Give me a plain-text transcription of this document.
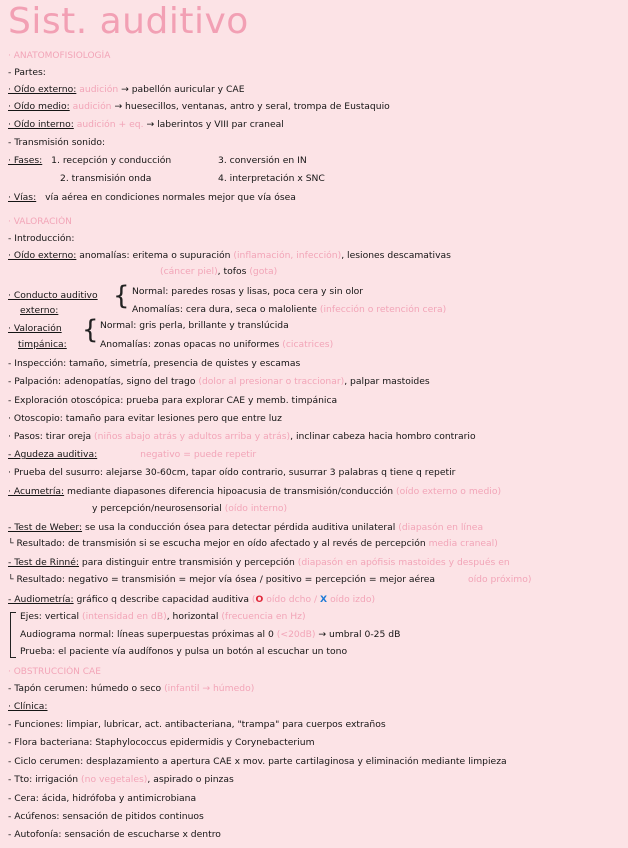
Sist. auditivo
· ANATOMOFISIOLOGÍA
- Partes:
· Oído externo: audición → pabellón auricular y CAE
· Oído medio: audición → huesecillos, ventanas, antro y seral, trompa de Eustaquio
· Oído interno: audición + eq. → laberintos y VIII par craneal
- Transmisión sonido:
· Fases: 1. recepción y conducción	3. conversión en IN
2. transmisión onda	4. interpretación x SNC
· Vías: vía aérea en condiciones normales mejor que vía ósea
· VALORACIÓN
- Introducción:
· Oído externo: anomalías: eritema o supuración (inflamación, infección), lesiones descamativas
(cáncer piel), tofos (gota)
· Conducto auditivo
externo:	{ Normal: paredes rosas y lisas, poca cera y sin olor
Anomalías: cera dura, seca o maloliente (infección o retención cera)
· Valoración
timpánica: { Normal: gris perla, brillante y translúcida
Anomalías: zonas opacas no uniformes (cicatrices)
- Inspección: tamaño, simetría, presencia de quistes y escamas
- Palpación: adenopatías, signo del trago (dolor al presionar o traccionar), palpar mastoides
- Exploración otoscópica: prueba para explorar CAE y memb. timpánica
· Otoscopio: tamaño para evitar lesiones pero que entre luz
· Pasos: tirar oreja (niños abajo atrás y adultos arriba y atrás), inclinar cabeza hacia hombro contrario
- Agudeza auditiva:	negativo = puede repetir
· Prueba del susurro: alejarse 30-60cm, tapar oído contrario, susurrar 3 palabras q tiene q repetir
· Acumetría: mediante diapasones diferencia hipoacusia de transmisión/conducción (oído externo o medio)
y percepción/neurosensorial (oído interno)
- Test de Weber: se usa la conducción ósea para detectar pérdida auditiva unilateral (diapasón en línea
└ Resultado: de transmisión si se escucha mejor en oído afectado y al revés de percepción media craneal)
- Test de Rinné: para distinguir entre transmisión y percepción (diapasón en apófisis mastoides y después en
└ Resultado: negativo = transmisión = mejor vía ósea / positivo = percepción = mejor aérea	oído próximo)
- Audiometría: gráfico q describe capacidad auditiva (O oído dcho / X oído izdo)
Ejes: vertical (intensidad en dB), horizontal (frecuencia en Hz)
Audiograma normal: líneas superpuestas próximas al 0 (<20dB) → umbral 0-25 dB
Prueba: el paciente vía audífonos y pulsa un botón al escuchar un tono
· OBSTRUCCIÓN CAE
- Tapón cerumen: húmedo o seco (infantil → húmedo)
· Clínica:
- Funciones: limpiar, lubricar, act. antibacteriana, "trampa" para cuerpos extraños
- Flora bacteriana: Staphylococcus epidermidis y Corynebacterium
- Ciclo cerumen: desplazamiento a apertura CAE x mov. parte cartilaginosa y eliminación mediante limpieza
- Tto: irrigación (no vegetales), aspirado o pinzas
- Cera: ácida, hidrófoba y antimicrobiana
- Acúfenos: sensación de pitidos continuos
- Autofonía: sensación de escucharse x dentro
